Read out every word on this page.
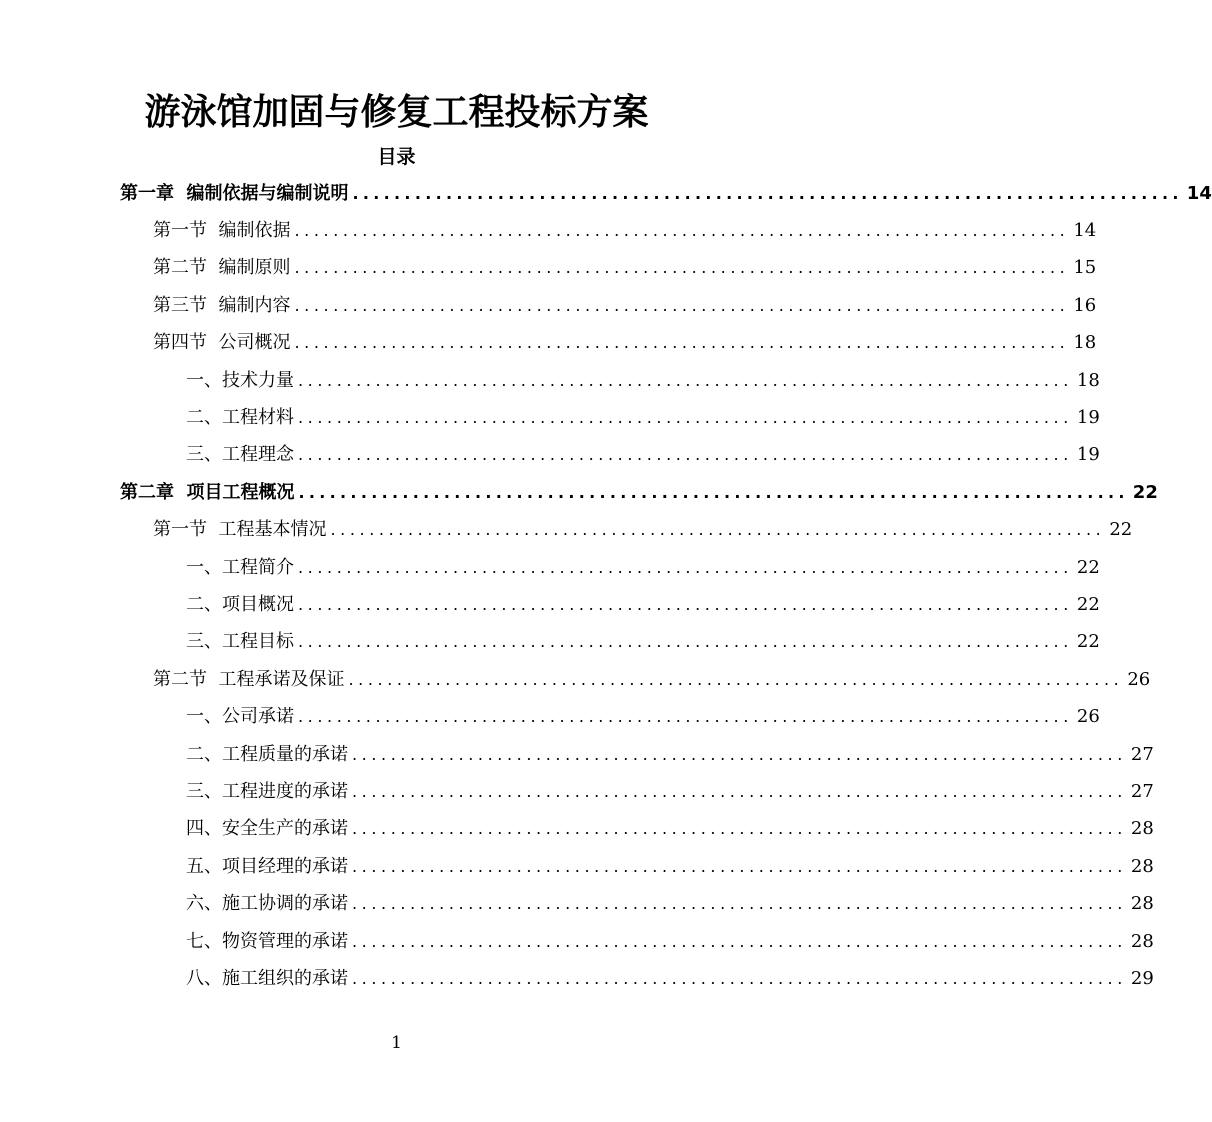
游泳馆加固与修复工程投标方案
目录
第一章  编制依据与编制说明 ................................................................................ 14
第一节  编制依据 ................................................................................ 14
第二节  编制原则 ................................................................................ 15
第三节  编制内容 ................................................................................ 16
第四节  公司概况 ................................................................................ 18
一、技术力量 ................................................................................ 18
二、工程材料 ................................................................................ 19
三、工程理念 ................................................................................ 19
第二章  项目工程概况 ................................................................................ 22
第一节  工程基本情况 ................................................................................ 22
一、工程简介 ................................................................................ 22
二、项目概况 ................................................................................ 22
三、工程目标 ................................................................................ 22
第二节  工程承诺及保证 ................................................................................ 26
一、公司承诺 ................................................................................ 26
二、工程质量的承诺 ................................................................................ 27
三、工程进度的承诺 ................................................................................ 27
四、安全生产的承诺 ................................................................................ 28
五、项目经理的承诺 ................................................................................ 28
六、施工协调的承诺 ................................................................................ 28
七、物资管理的承诺 ................................................................................ 28
八、施工组织的承诺 ................................................................................ 29
1
